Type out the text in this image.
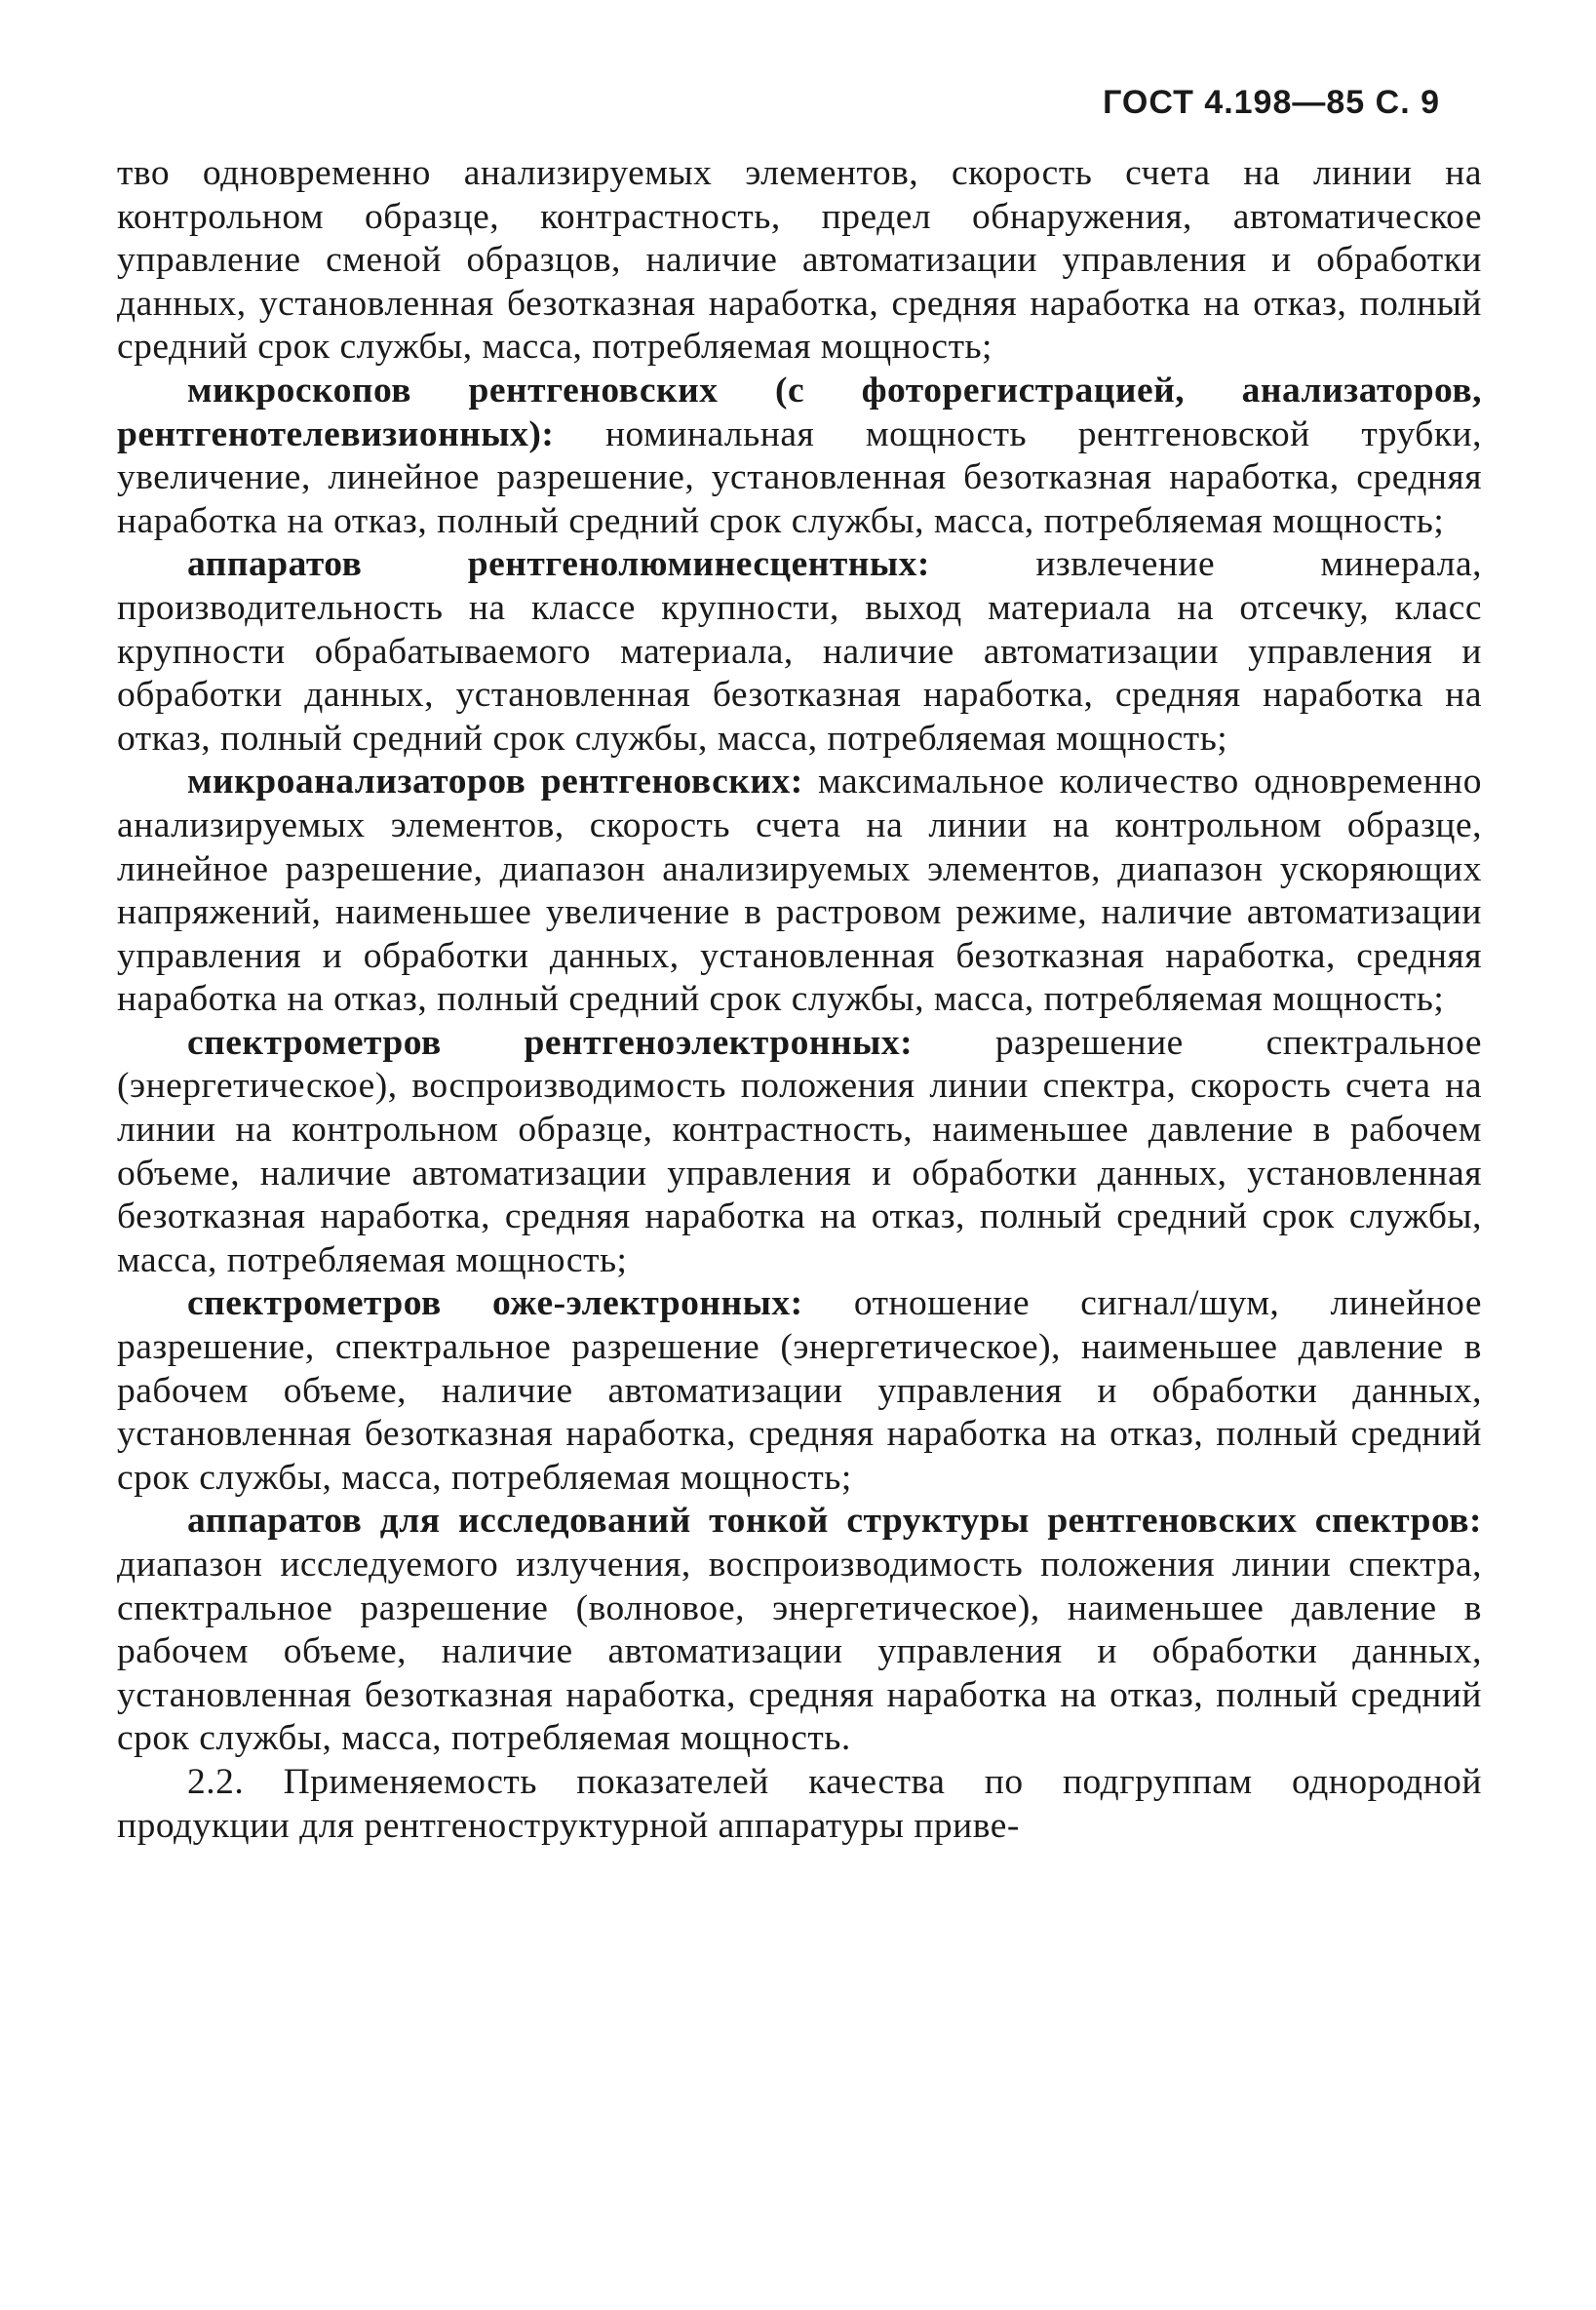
ГОСТ 4.198—85 С. 9

тво одновременно анализируемых элементов, скорость счета на линии на контрольном образце, контрастность, предел обнаружения, автоматическое управление сменой образцов, наличие автоматизации управления и обработки данных, установленная безотказная наработка, средняя наработка на отказ, полный средний срок службы, масса, потребляемая мощность;

микроскопов рентгеновских (с фоторегистрацией, анализаторов, рентгенотелевизионных): номинальная мощность рентгеновской трубки, увеличение, линейное разрешение, установленная безотказная наработка, средняя наработка на отказ, полный средний срок службы, масса, потребляемая мощность;

аппаратов рентгенолюминесцентных: извлечение минерала, производительность на классе крупности, выход материала на отсечку, класс крупности обрабатываемого материала, наличие автоматизации управления и обработки данных, установленная безотказная наработка, средняя наработка на отказ, полный средний срок службы, масса, потребляемая мощность;

микроанализаторов рентгеновских: максимальное количество одновременно анализируемых элементов, скорость счета на линии на контрольном образце, линейное разрешение, диапазон анализируемых элементов, диапазон ускоряющих напряжений, наименьшее увеличение в растровом режиме, наличие автоматизации управления и обработки данных, установленная безотказная наработка, средняя наработка на отказ, полный средний срок службы, масса, потребляемая мощность;

спектрометров рентгеноэлектронных: разрешение спектральное (энергетическое), воспроизводимость положения линии спектра, скорость счета на линии на контрольном образце, контрастность, наименьшее давление в рабочем объеме, наличие автоматизации управления и обработки данных, установленная безотказная наработка, средняя наработка на отказ, полный средний срок службы, масса, потребляемая мощность;

спектрометров оже-электронных: отношение сигнал/шум, линейное разрешение, спектральное разрешение (энергетическое), наименьшее давление в рабочем объеме, наличие автоматизации управления и обработки данных, установленная безотказная наработка, средняя наработка на отказ, полный средний срок службы, масса, потребляемая мощность;

аппаратов для исследований тонкой структуры рентгеновских спектров: диапазон исследуемого излучения, воспроизводимость положения линии спектра, спектральное разрешение (волновое, энергетическое), наименьшее давление в рабочем объеме, наличие автоматизации управления и обработки данных, установленная безотказная наработка, средняя наработка на отказ, полный средний срок службы, масса, потребляемая мощность.

2.2. Применяемость показателей качества по подгруппам однородной продукции для рентгеноструктурной аппаратуры приве-
